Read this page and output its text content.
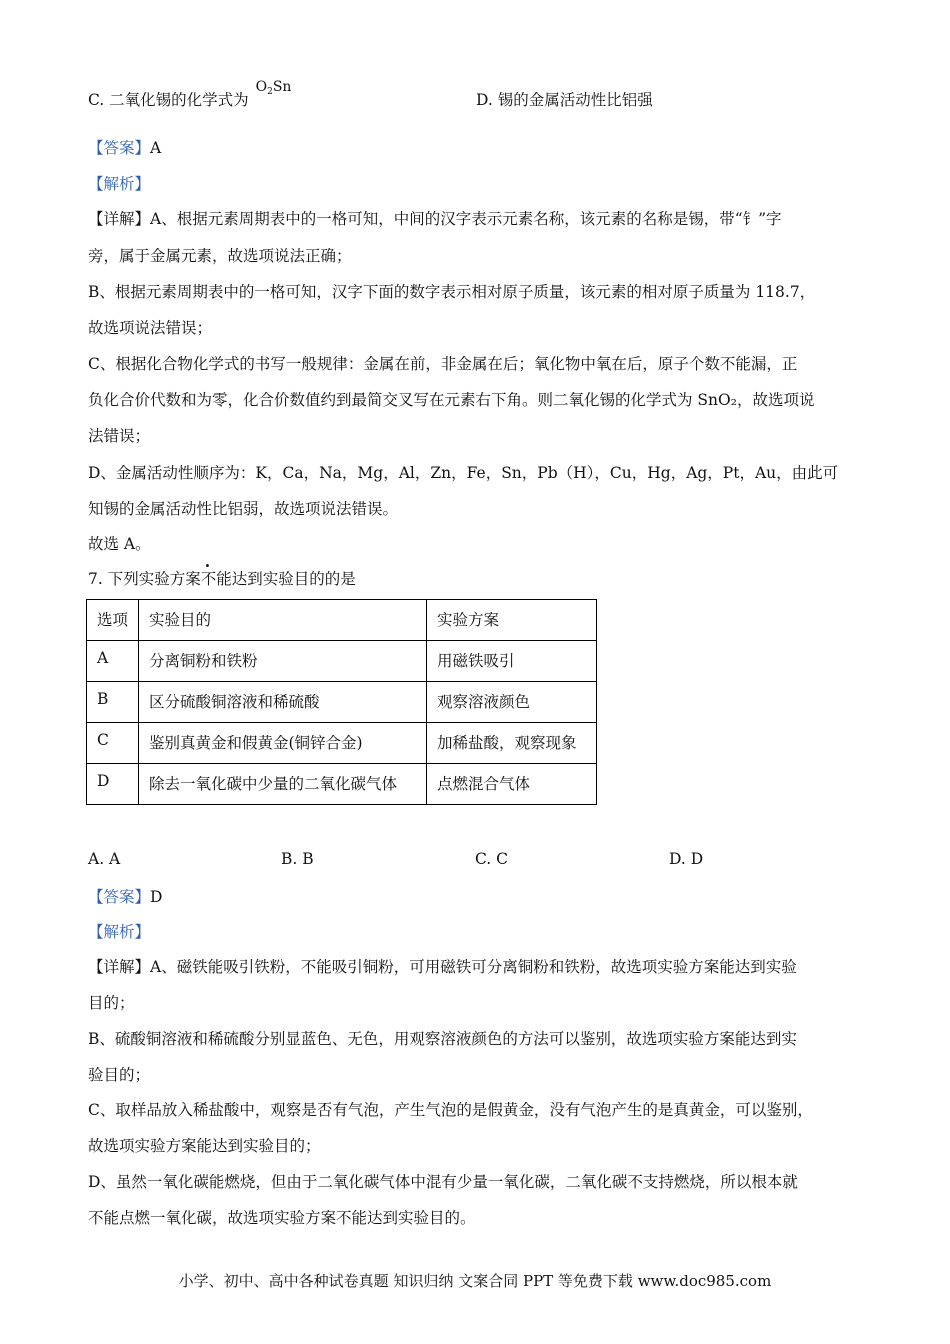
C. 二氧化锡的化学式为 $O_2Sn$
D. 锡的金属活动性比铝强
【答案】A
【解析】
【详解】A、根据元素周期表中的一格可知，中间的汉字表示元素名称，该元素的名称是锡，带“钅”字
旁，属于金属元素，故选项说法正确；
B、根据元素周期表中的一格可知，汉字下面的数字表示相对原子质量，该元素的相对原子质量为 118.7，
故选项说法错误；
C、根据化合物化学式的书写一般规律：金属在前，非金属在后；氧化物中氧在后，原子个数不能漏，正
负化合价代数和为零，化合价数值约到最简交叉写在元素右下角。则二氧化锡的化学式为 SnO₂，故选项说
法错误；
D、金属活动性顺序为：K，Ca，Na，Mg，Al，Zn，Fe，Sn，Pb（H），Cu，Hg，Ag，Pt，Au，由此可
知锡的金属活动性比铝弱，故选项说法错误。
故选 A。
7. 下列实验方案不能达到实验目的的是
选项	实验目的	实验方案
A	分离铜粉和铁粉	用磁铁吸引
B	区分硫酸铜溶液和稀硫酸	观察溶液颜色
C	鉴别真黄金和假黄金(铜锌合金)	加稀盐酸，观察现象
D	除去一氧化碳中少量的二氧化碳气体	点燃混合气体
A. A	B. B	C. C	D. D
【答案】D
【解析】
【详解】A、磁铁能吸引铁粉，不能吸引铜粉，可用磁铁可分离铜粉和铁粉，故选项实验方案能达到实验
目的；
B、硫酸铜溶液和稀硫酸分别显蓝色、无色，用观察溶液颜色的方法可以鉴别，故选项实验方案能达到实
验目的；
C、取样品放入稀盐酸中，观察是否有气泡，产生气泡的是假黄金，没有气泡产生的是真黄金，可以鉴别，
故选项实验方案能达到实验目的；
D、虽然一氧化碳能燃烧，但由于二氧化碳气体中混有少量一氧化碳，二氧化碳不支持燃烧，所以根本就
不能点燃一氧化碳，故选项实验方案不能达到实验目的。
小学、初中、高中各种试卷真题 知识归纳 文案合同 PPT 等免费下载 www.doc985.com
